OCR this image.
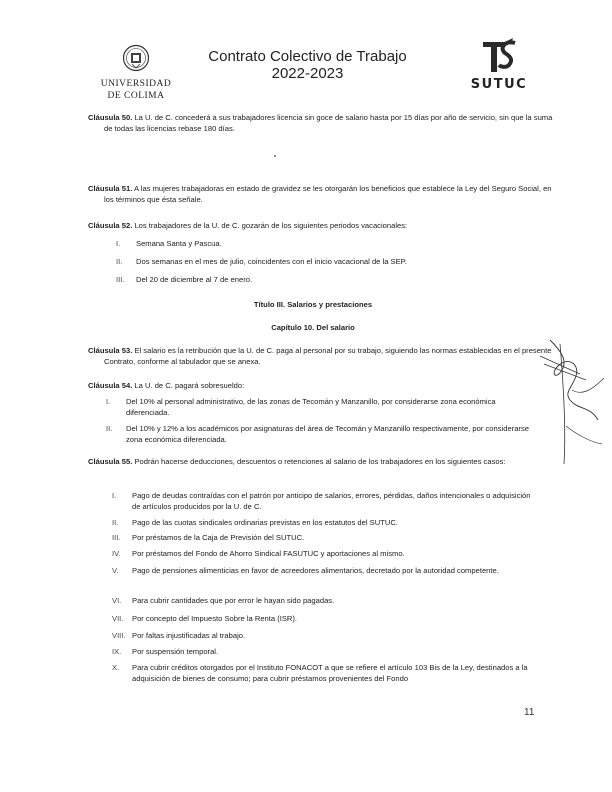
UNIVERSIDAD
DE COLIMA
Contrato Colectivo de Trabajo
2022-2023
SUTUC
Cláusula 50. La U. de C. concederá a sus trabajadores licencia sin goce de salario hasta por 15 días por año de servicio, sin que la suma de todas las licencias rebase 180 días.
Cláusula 51. A las mujeres trabajadoras en estado de gravidez se les otorgarán los beneficios que establece la Ley del Seguro Social, en los términos que ésta señale.
Cláusula 52. Los trabajadores de la U. de C. gozarán de los siguientes periodos vacacionales:
I.	Semana Santa y Pascua.
II.	Dos semanas en el mes de julio, coincidentes con el inicio vacacional de la SEP.
III.	Del 20 de diciembre al 7 de enero.
Título III. Salarios y prestaciones
Capítulo 10. Del salario
Cláusula 53. El salario es la retribución que la U. de C. paga al personal por su trabajo, siguiendo las normas establecidas en el presente Contrato, conforme al tabulador que se anexa.
Cláusula 54. La U. de C. pagará sobresueldo:
I.	Del 10% al personal administrativo, de las zonas de Tecomán y Manzanillo, por considerarse zona económica diferenciada.
II.	Del 10% y 12% a los académicos por asignaturas del área de Tecomán y Manzanillo respectivamente, por considerarse zona económica diferenciada.
Cláusula 55. Podrán hacerse deducciones, descuentos o retenciones al salario de los trabajadores en los siguientes casos:
I.	Pago de deudas contraídas con el patrón por anticipo de salarios, errores, pérdidas, daños intencionales o adquisición de artículos producidos por la U. de C.
II.	Pago de las cuotas sindicales ordinarias previstas en los estatutos del SUTUC.
III.	Por préstamos de la Caja de Previsión del SUTUC.
IV.	Por préstamos del Fondo de Ahorro Sindical FASUTUC y aportaciones al mismo.
V.	Pago de pensiones alimenticias en favor de acreedores alimentarios, decretado por la autoridad competente.
VI.	Para cubrir cantidades que por error le hayan sido pagadas.
VII.	Por concepto del Impuesto Sobre la Renta (ISR).
VIII. Por faltas injustificadas al trabajo.
IX.	Por suspensión temporal.
X.	Para cubrir créditos otorgados por el Instituto FONACOT a que se refiere el artículo 103 Bis de la Ley, destinados a la adquisición de bienes de consumo; para cubrir préstamos provenientes del Fondo
11
